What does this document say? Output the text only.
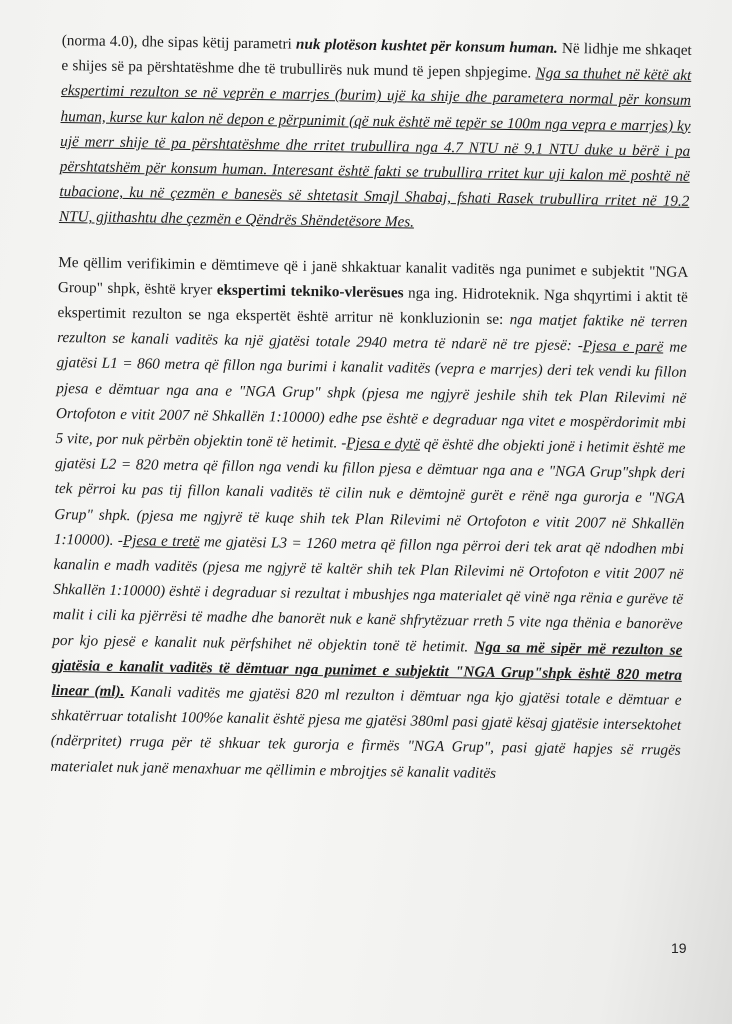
(norma 4.0), dhe sipas këtij parametri nuk plotëson kushtet për konsum human. Në lidhje me shkaqet e shijes së pa përshtatëshme dhe të trubullirës nuk mund të jepen shpjegime. Nga sa thuhet në këtë akt ekspertimi rezulton se në veprën e marrjes (burim) ujë ka shije dhe parametera normal për konsum human, kurse kur kalon në depon e përpunimit (që nuk është më tepër se 100m nga vepra e marrjes) ky ujë merr shije të pa përshtatëshme dhe rritet trubullira nga 4.7 NTU në 9.1 NTU duke u bërë i pa përshtatshëm për konsum human. Interesant është fakti se trubullira rritet kur uji kalon më poshtë në tubacione, ku në çezmën e banesës së shtetasit Smajl Shabaj, fshati Rasek trubullira rritet në 19.2 NTU, gjithashtu dhe çezmën e Qëndrës Shëndetësore Mes.

Me qëllim verifikimin e dëmtimeve që i janë shkaktuar kanalit vaditës nga punimet e subjektit "NGA Group" shpk, është kryer ekspertimi tekniko-vlerësues nga ing. Hidroteknik. Nga shqyrtimi i aktit të ekspertimit rezulton se nga ekspertët është arritur në konkluzionin se: nga matjet faktike në terren rezulton se kanali vaditës ka një gjatësi totale 2940 metra të ndarë në tre pjesë: -Pjesa e parë me gjatësi L1 = 860 metra që fillon nga burimi i kanalit vaditës (vepra e marrjes) deri tek vendi ku fillon pjesa e dëmtuar nga ana e "NGA Grup" shpk (pjesa me ngjyrë jeshile shih tek Plan Rilevimi në Ortofoton e vitit 2007 në Shkallën 1:10000) edhe pse është e degraduar nga vitet e mospërdorimit mbi 5 vite, por nuk përbën objektin tonë të hetimit. -Pjesa e dytë që është dhe objekti jonë i hetimit është me gjatësi L2 = 820 metra që fillon nga vendi ku fillon pjesa e dëmtuar nga ana e "NGA Grup"shpk deri tek përroi ku pas tij fillon kanali vaditës të cilin nuk e dëmtojnë gurët e rënë nga gurorja e "NGA Grup" shpk. (pjesa me ngjyrë të kuqe shih tek Plan Rilevimi në Ortofoton e vitit 2007 në Shkallën 1:10000). -Pjesa e tretë me gjatësi L3 = 1260 metra që fillon nga përroi deri tek arat që ndodhen mbi kanalin e madh vaditës (pjesa me ngjyrë të kaltër shih tek Plan Rilevimi në Ortofoton e vitit 2007 në Shkallën 1:10000) është i degraduar si rezultat i mbushjes nga materialet që vinë nga rënia e gurëve të malit i cili ka pjërrësi të madhe dhe banorët nuk e kanë shfrytëzuar rreth 5 vite nga thënia e banorëve por kjo pjesë e kanalit nuk përfshihet në objektin tonë të hetimit. Nga sa më sipër më rezulton se gjatësia e kanalit vaditës të dëmtuar nga punimet e subjektit "NGA Grup"shpk është 820 metra linear (ml). Kanali vaditës me gjatësi 820 ml rezulton i dëmtuar nga kjo gjatësi totale e dëmtuar e shkatërruar totalisht 100%e kanalit është pjesa me gjatësi 380ml pasi gjatë kësaj gjatësie intersektohet (ndërpritet) rruga për të shkuar tek gurorja e firmës "NGA Grup", pasi gjatë hapjes së rrugës materialet nuk janë menaxhuar me qëllimin e mbrojtjes së kanalit vaditës

19
